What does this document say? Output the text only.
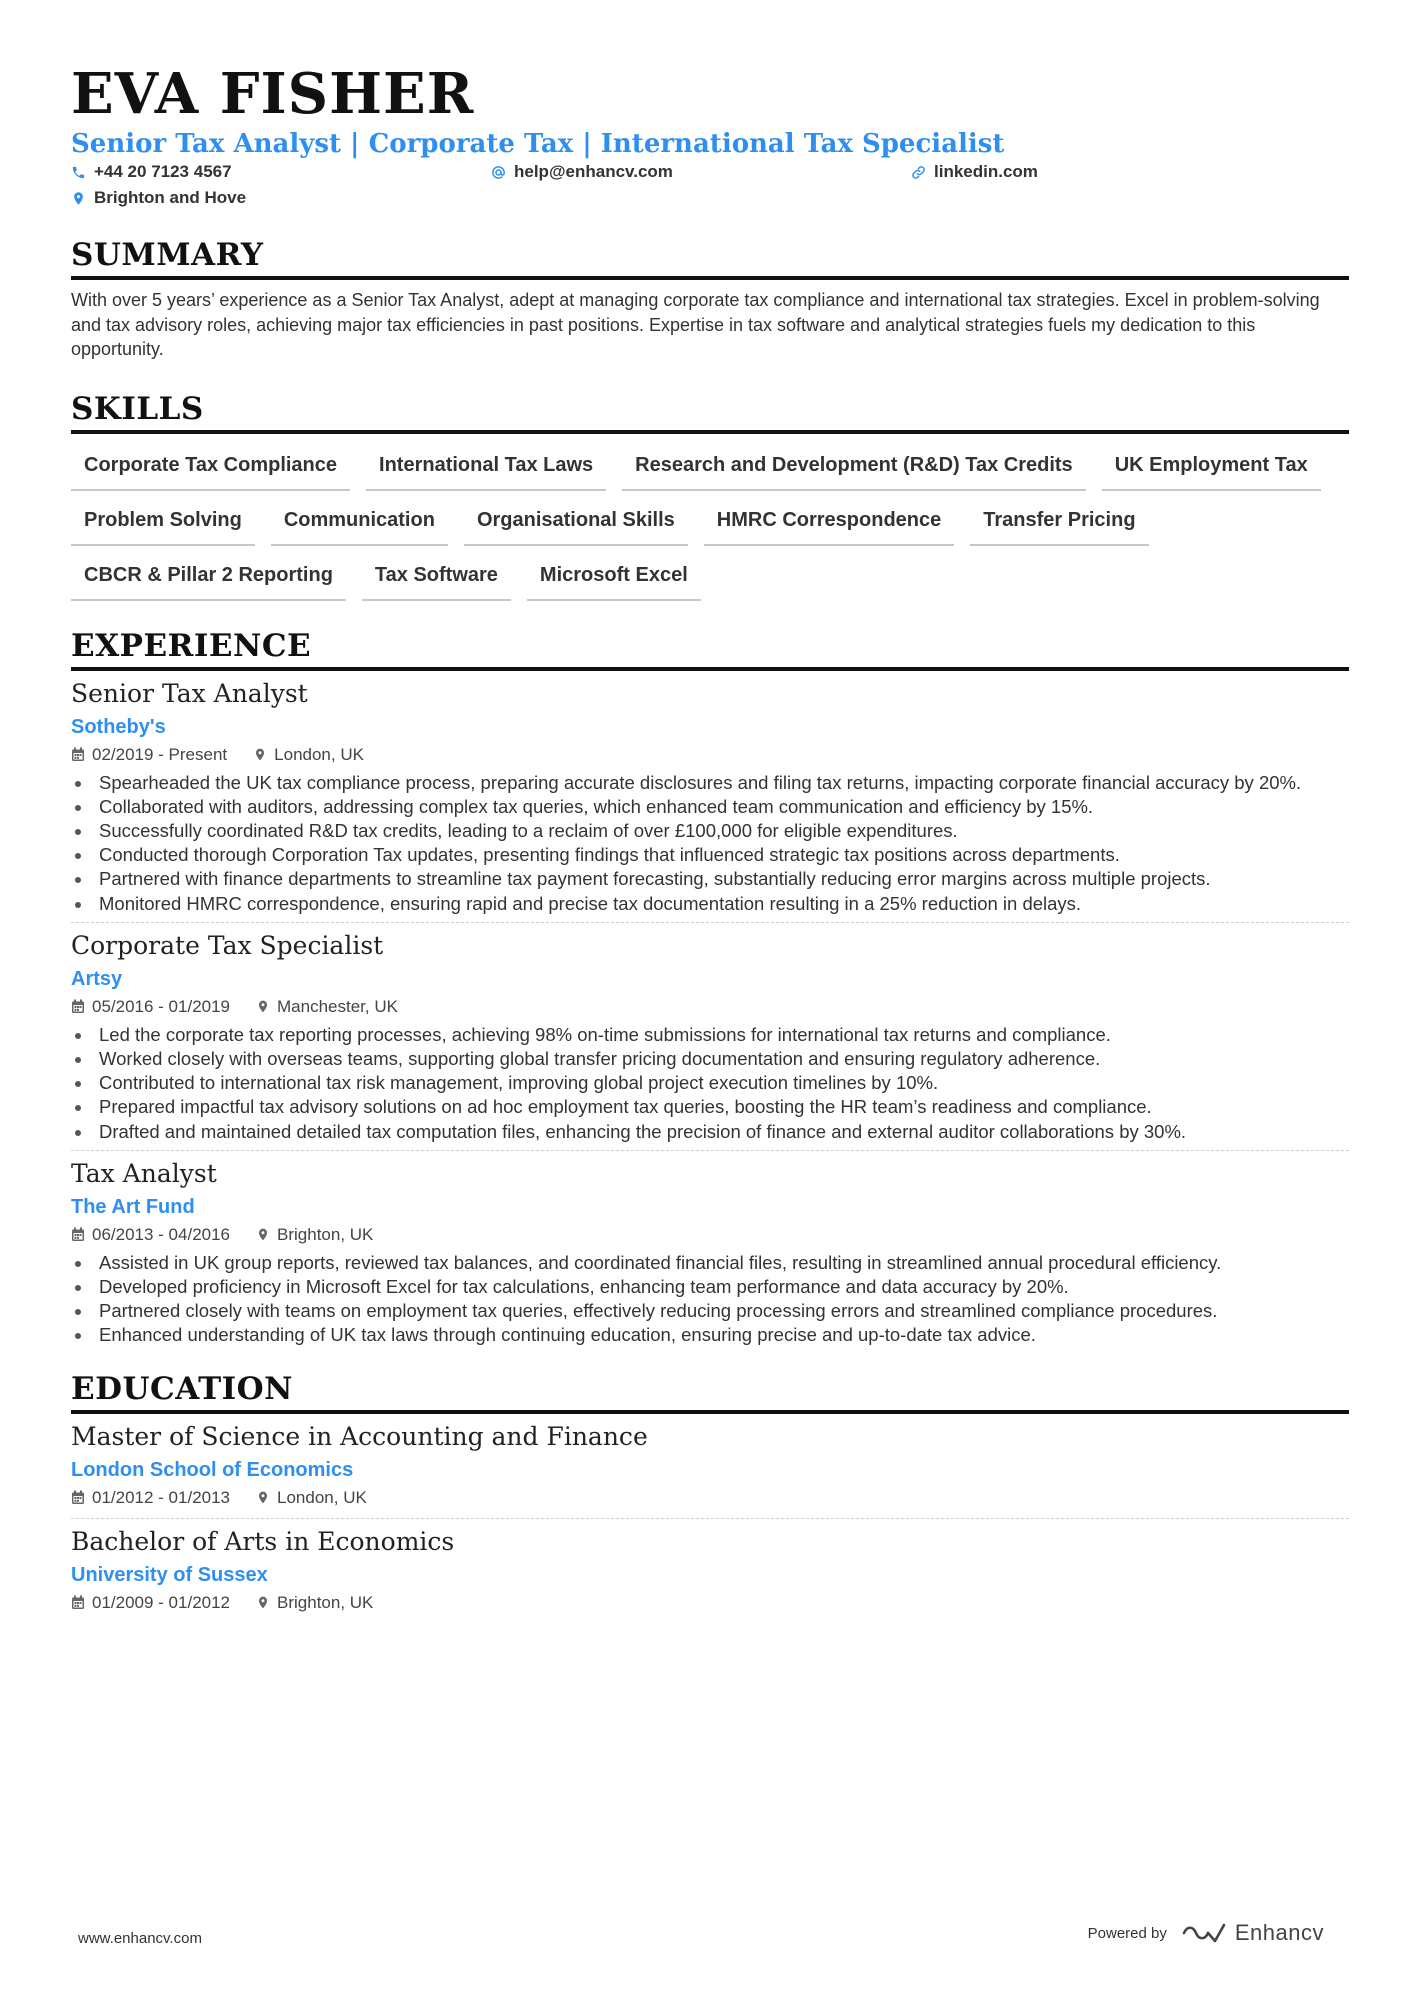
EVA FISHER
Senior Tax Analyst | Corporate Tax | International Tax Specialist
+44 20 7123 4567	help@enhancv.com	linkedin.com
Brighton and Hove
SUMMARY
With over 5 years’ experience as a Senior Tax Analyst, adept at managing corporate tax compliance and international tax strategies. Excel in problem-solving and tax advisory roles, achieving major tax efficiencies in past positions. Expertise in tax software and analytical strategies fuels my dedication to this opportunity.
SKILLS
Corporate Tax Compliance	International Tax Laws	Research and Development (R&D) Tax Credits	UK Employment Tax
Problem Solving	Communication	Organisational Skills	HMRC Correspondence	Transfer Pricing
CBCR & Pillar 2 Reporting	Tax Software	Microsoft Excel
EXPERIENCE
Senior Tax Analyst
Sotheby's
02/2019 - Present	London, UK
Spearheaded the UK tax compliance process, preparing accurate disclosures and filing tax returns, impacting corporate financial accuracy by 20%.
Collaborated with auditors, addressing complex tax queries, which enhanced team communication and efficiency by 15%.
Successfully coordinated R&D tax credits, leading to a reclaim of over £100,000 for eligible expenditures.
Conducted thorough Corporation Tax updates, presenting findings that influenced strategic tax positions across departments.
Partnered with finance departments to streamline tax payment forecasting, substantially reducing error margins across multiple projects.
Monitored HMRC correspondence, ensuring rapid and precise tax documentation resulting in a 25% reduction in delays.
Corporate Tax Specialist
Artsy
05/2016 - 01/2019	Manchester, UK
Led the corporate tax reporting processes, achieving 98% on-time submissions for international tax returns and compliance.
Worked closely with overseas teams, supporting global transfer pricing documentation and ensuring regulatory adherence.
Contributed to international tax risk management, improving global project execution timelines by 10%.
Prepared impactful tax advisory solutions on ad hoc employment tax queries, boosting the HR team’s readiness and compliance.
Drafted and maintained detailed tax computation files, enhancing the precision of finance and external auditor collaborations by 30%.
Tax Analyst
The Art Fund
06/2013 - 04/2016	Brighton, UK
Assisted in UK group reports, reviewed tax balances, and coordinated financial files, resulting in streamlined annual procedural efficiency.
Developed proficiency in Microsoft Excel for tax calculations, enhancing team performance and data accuracy by 20%.
Partnered closely with teams on employment tax queries, effectively reducing processing errors and streamlined compliance procedures.
Enhanced understanding of UK tax laws through continuing education, ensuring precise and up-to-date tax advice.
EDUCATION
Master of Science in Accounting and Finance
London School of Economics
01/2012 - 01/2013	London, UK
Bachelor of Arts in Economics
University of Sussex
01/2009 - 01/2012	Brighton, UK
www.enhancv.com	Powered by	Enhancv
